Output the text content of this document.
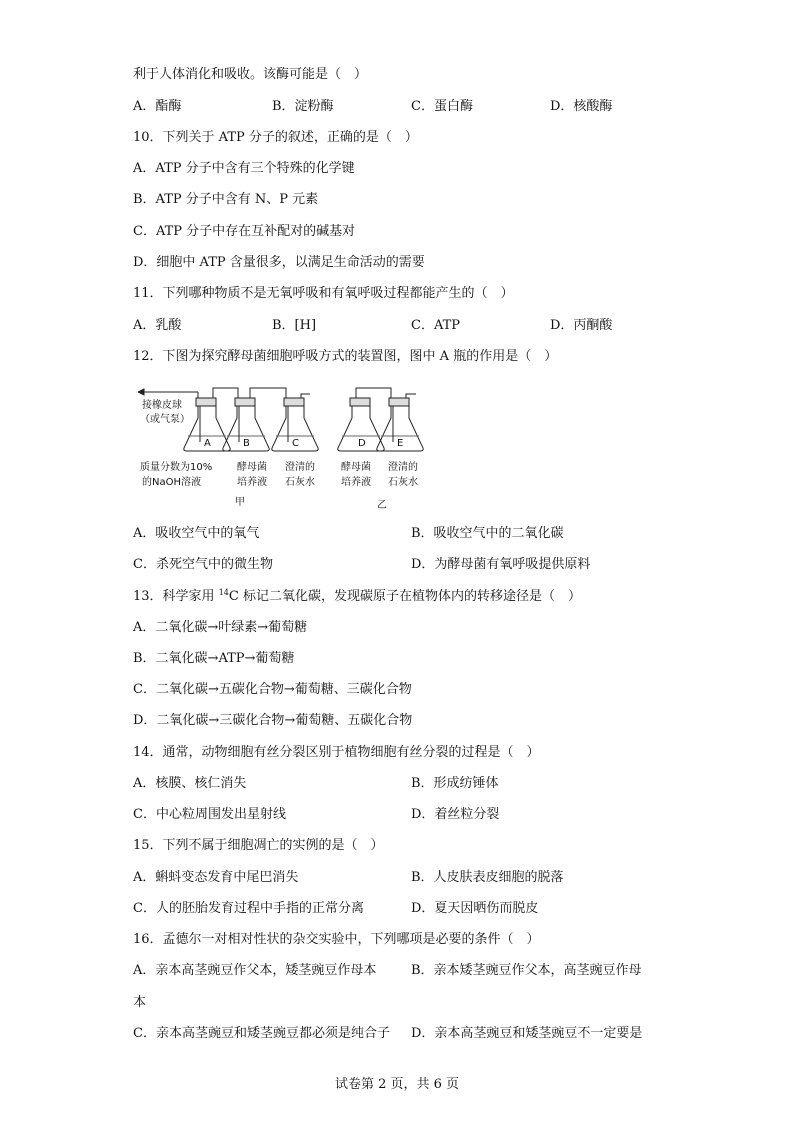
利于人体消化和吸收。该酶可能是（　）
A．酯酶	B．淀粉酶	C．蛋白酶	D．核酸酶
10．下列关于 ATP 分子的叙述，正确的是（　）
A．ATP 分子中含有三个特殊的化学键
B．ATP 分子中含有 N、P 元素
C．ATP 分子中存在互补配对的碱基对
D．细胞中 ATP 含量很多，以满足生命活动的需要
11．下列哪种物质不是无氧呼吸和有氧呼吸过程都能产生的（　）
A．乳酸	B．[H]	C．ATP	D．丙酮酸
12．下图为探究酵母菌细胞呼吸方式的装置图，图中 A 瓶的作用是（　）
接橡皮球
（或气泵）
A	B	C	D	E
质量分数为10%
的NaOH溶液
酵母菌
培养液
澄清的
石灰水
酵母菌
培养液
澄清的
石灰水
甲	乙
A．吸收空气中的氧气	B．吸收空气中的二氧化碳
C．杀死空气中的微生物	D．为酵母菌有氧呼吸提供原料
13．科学家用 $^{14}$C 标记二氧化碳，发现碳原子在植物体内的转移途径是（　）
A．二氧化碳→叶绿素→葡萄糖
B．二氧化碳→ATP→葡萄糖
C．二氧化碳→五碳化合物→葡萄糖、三碳化合物
D．二氧化碳→三碳化合物→葡萄糖、五碳化合物
14．通常，动物细胞有丝分裂区别于植物细胞有丝分裂的过程是（　）
A．核膜、核仁消失	B．形成纺锤体
C．中心粒周围发出星射线	D．着丝粒分裂
15．下列不属于细胞凋亡的实例的是（　）
A．蝌蚪变态发育中尾巴消失	B．人皮肤表皮细胞的脱落
C．人的胚胎发育过程中手指的正常分离	D．夏天因晒伤而脱皮
16．孟德尔一对相对性状的杂交实验中，下列哪项是必要的条件（　）
A．亲本高茎豌豆作父本，矮茎豌豆作母本	B．亲本矮茎豌豆作父本，高茎豌豆作母
本
C．亲本高茎豌豆和矮茎豌豆都必须是纯合子 D．亲本高茎豌豆和矮茎豌豆不一定要是
试卷第 2 页，共 6 页
